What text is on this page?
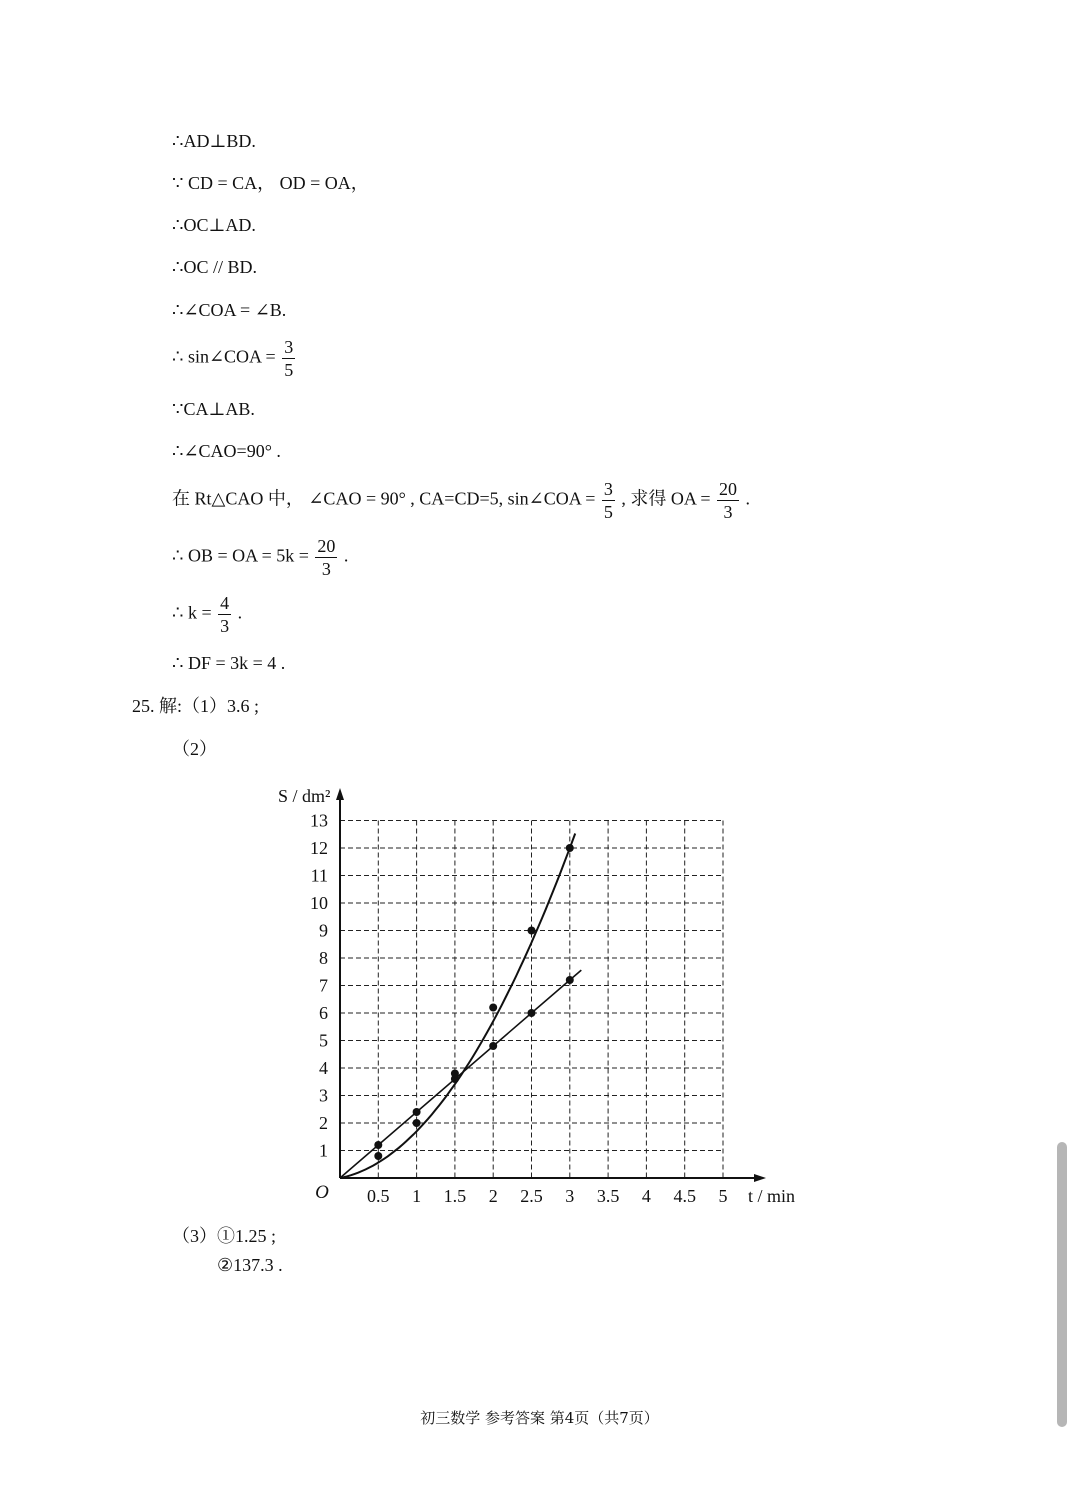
∴AD⊥BD.
∵ CD = CA， OD = OA，
∴OC⊥AD.
∴OC // BD.
∴∠COA = ∠B.
∴ sin∠COA = $\frac{3}{5}$
∵CA⊥AB.
∴∠CAO=90° .
在 Rt△CAO 中， ∠CAO = 90° , CA=CD=5, sin∠COA = $\frac{3}{5}$ , 求得 OA = $\frac{20}{3}$ .
∴ OB = OA = $5k = \frac{20}{3}$ .
∴ $k = \frac{4}{3}$ .
∴ DF = 3k = 4 .
25. 解:（1）3.6 ;
（2）
0.5 1 1.5 2 2.5 3 3.5 4 4.5 5
1
2
3
4
5
6
7
8
9
10
11
12
13
O	t / min
S / dm²
（3）①1.25 ;
②137.3 .
初三数学 参考答案 第4页（共7页）
